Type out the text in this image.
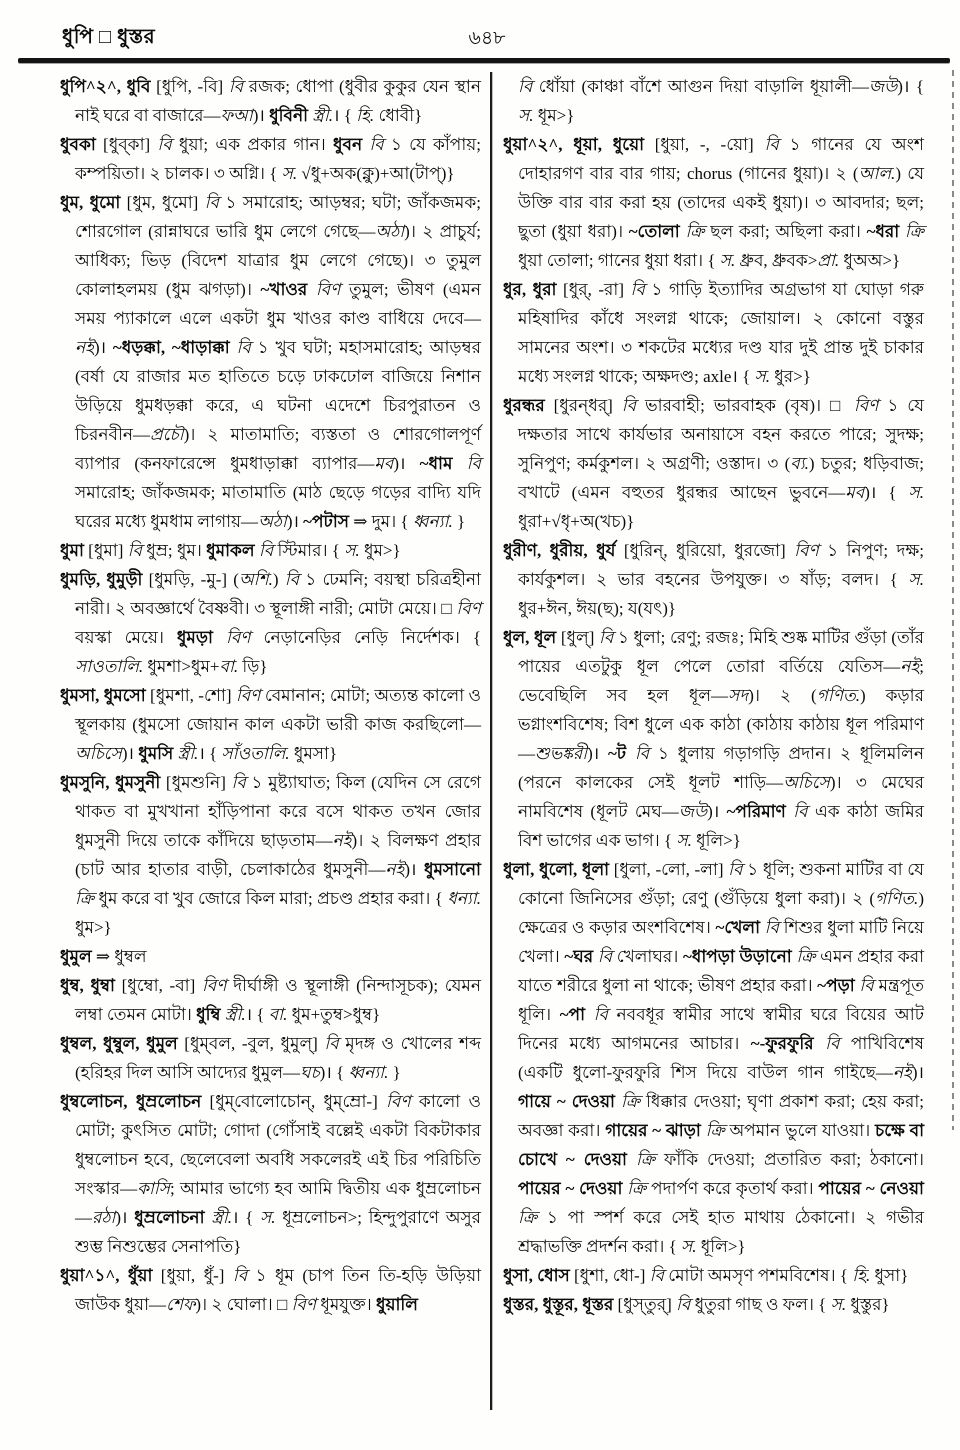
ধুপি □ ধুস্তর	৬৪৮

ধুপি^২^, ধুবি [ধুপি, -বি] বি রজক; ধোপা (ধুবীর কুকুর যেন স্থান নাই ঘরে বা বাজারে—ফআ)। ধুবিনী স্ত্রী.। { হি. ধোবী}

ধুবকা [ধুব্‌কা] বি ধুয়া; এক প্রকার গান। ধুবন বি ১ যে কাঁপায়; কম্পয়িতা। ২ চালক। ৩ অগ্নি। { স. √ধু+অক(ক্নু)+আ(টাপ্‌)}

ধুম, ধুমো [ধুম, ধুমো] বি ১ সমারোহ; আড়ম্বর; ঘটা; জাঁকজমক; শোরগোল (রান্নাঘরে ভারি ধুম লেগে গেছে—অঠা)। ২ প্রাচুর্য; আধিক্য; ভিড় (বিদেশ যাত্রার ধুম লেগে গেছে)। ৩ তুমুল কোলাহলময় (ধুম ঝগড়া)। ~খাওর বিণ তুমুল; ভীষণ (এমন সময় প্যাকালে এলে একটা ধুম খাওর কাণ্ড বাধিয়ে দেবে—নই)। ~ধড়ক্কা, ~ধাড়াক্কা বি ১ খুব ঘটা; মহাসমারোহ; আড়ম্বর (বর্ষা যে রাজার মত হাতিতে চড়ে ঢাকঢোল বাজিয়ে নিশান উড়িয়ে ধুমধড়ক্কা করে, এ ঘটনা এদেশে চিরপুরাতন ও চিরনবীন—প্রচৌ)। ২ মাতামাতি; ব্যস্ততা ও শোরগোলপূর্ণ ব্যাপার (কনফারেন্সে ধুমধাড়াক্কা ব্যাপার—মব)। ~ধাম বি সমারোহ; জাঁকজমক; মাতামাতি (মাঠ ছেড়ে গড়ের বাদ্যি যদি ঘরের মধ্যে ধুমধাম লাগায়—অঠা)। ~পটাস ⇒ দুম। { ধ্বন্যা. }

ধুমা [ধুমা] বি ধুম্র; ধুম। ধুমাকল বি স্টিমার। { স. ধুম>}

ধুমড়ি, ধুমুড়ী [ধুমড়ি, -মু-] (অশি.) বি ১ ঢেমনি; বয়স্থা চরিত্রহীনা নারী। ২ অবজ্ঞার্থে বৈষ্ণবী। ৩ স্থূলাঙ্গী নারী; মোটা মেয়ে। □ বিণ বয়স্কা মেয়ে। ধুমড়া বিণ নেড়ানেড়ির নেড়ি নির্দেশক। { সাওতালি. ধুমশা>ধুম+বা. ড়ি}

ধুমসা, ধুমসো [ধুমশা, -শো] বিণ বেমানান; মোটা; অত্যন্ত কালো ও স্থূলকায় (ধুমসো জোয়ান কাল একটা ভারী কাজ করছিলো—অচিসে)। ধুমসি স্ত্রী.। { সাঁওতালি. ধুমসা}

ধুমসুনি, ধুমসুনী [ধুমশুনি] বি ১ মুষ্ট্যাঘাত; কিল (যেদিন সে রেগে থাকত বা মুখখানা হাঁড়িপানা করে বসে থাকত তখন জোর ধুমসুনী দিয়ে তাকে কাঁদিয়ে ছাড়তাম—নই)। ২ বিলক্ষণ প্রহার (চাট আর হাতার বাড়ী, চেলাকাঠের ধুমসুনী—নই)। ধুমসানো ক্রি ধুম করে বা খুব জোরে কিল মারা; প্রচণ্ড প্রহার করা। { ধন্যা. ধুম>}

ধুমুল ⇒ ধুম্বল

ধুম্ব, ধুম্বা [ধুম্বো, -বা] বিণ দীর্ঘাঙ্গী ও স্থূলাঙ্গী (নিন্দাসূচক); যেমন লম্বা তেমন মোটা। ধুম্বি স্ত্রী.। { বা. ধুম+তুম্ব>ধুম্ব}

ধুম্বল, ধুম্বুল, ধুমুল [ধুম্‌বল, -বুল, ধুমুল্‌] বি মৃদঙ্গ ও খোলের শব্দ (হরিহর দিল আসি আদ্যের ধুমুল—ঘচ)। { ধ্বন্যা. }

ধুম্বলোচন, ধুম্রলোচন [ধুম্‌বোলোচোন্‌, ধুম্‌ম্রো-] বিণ কালো ও মোটা; কুৎসিত মোটা; গোদা (গোঁসাই বল্লেই একটা বিকটাকার ধুম্বলোচন হবে, ছেলেবেলা অবধি সকলেরই এই চির পরিচিতি সংস্কার—কাসি; আমার ভাগ্যে হব আমি দ্বিতীয় এক ধুম্রলোচন—রঠা)। ধুম্রলোচনা স্ত্রী.। { স. ধূম্রলোচন>; হিন্দুপুরাণে অসুর শুম্ভ নিশুম্ভের সেনাপতি}

ধুয়া^১^, ধুঁয়া [ধুয়া, ধুঁ-] বি ১ ধূম (চাপ তিন তি-হড়ি উড়িয়া জাউক ধুয়া—শেফ)। ২ ঘোলা। □ বিণ ধূমযুক্ত। ধুয়ালি

বি ধোঁয়া (কাঞ্চা বাঁশে আগুন দিয়া বাড়ালি ধূয়ালী—জউ)। { স. ধূম>}

ধুয়া^২^, ধূয়া, ধুয়ো [ধুয়া, -, -য়ো] বি ১ গানের যে অংশ দোহারগণ বার বার গায়; chorus (গানের ধুয়া)। ২ (আল.) যে উক্তি বার বার করা হয় (তাদের একই ধুয়া)। ৩ আবদার; ছল; ছুতা (ধুয়া ধরা)। ~তোলা ক্রি ছল করা; অছিলা করা। ~ধরা ক্রি ধুয়া তোলা; গানের ধুয়া ধরা। { স. ধ্রুব, ধ্রুবক>প্রা. ধুঅঅ>}

ধুর, ধুরা [ধুর্‌, -রা] বি ১ গাড়ি ইত্যাদির অগ্রভাগ যা ঘোড়া গরু মহিষাদির কাঁধে সংলগ্ন থাকে; জোয়াল। ২ কোনো বস্তুর সামনের অংশ। ৩ শকটের মধ্যের দণ্ড যার দুই প্রান্ত দুই চাকার মধ্যে সংলগ্ন থাকে; অক্ষদণ্ড; axle। { স. ধুর>}

ধুরন্ধর [ধুরন্‌ধর্‌] বি ভারবাহী; ভারবাহক (বৃষ)। □ বিণ ১ যে দক্ষতার সাথে কার্যভার অনায়াসে বহন করতে পারে; সুদক্ষ; সুনিপুণ; কর্মকুশল। ২ অগ্রণী; ওস্তাদ। ৩ (ব্য.) চতুর; ধড়িবাজ; বখাটে (এমন বহুতর ধুরন্ধর আছেন ভুবনে—মব)। { স. ধুরা+√ধৃ+অ(খচ)}

ধুরীণ, ধুরীয়, ধুর্য [ধুরিন্‌, ধুরিয়ো, ধুরজো] বিণ ১ নিপুণ; দক্ষ; কার্যকুশল। ২ ভার বহনের উপযুক্ত। ৩ ষাঁড়; বলদ। { স. ধুর+ঈন, ঈয়(ছ); য(যৎ)}

ধুল, ধূল [ধুল্‌] বি ১ ধুলা; রেণু; রজঃ; মিহি শুষ্ক মাটির গুঁড়া (তাঁর পায়ের এতটুকু ধূল পেলে তোরা বর্তিয়ে যেতিস—নই; ভেবেছিলি সব হল ধূল—সদ)। ২ (গণিত.) কড়ার ভগ্নাংশবিশেষ; বিশ ধুলে এক কাঠা (কাঠায় কাঠায় ধূল পরিমাণ—শুভঙ্করী)। ~ট বি ১ ধুলায় গড়াগড়ি প্রদান। ২ ধূলিমলিন (পরনে কালকের সেই ধূলট শাড়ি—অচিসে)। ৩ মেঘের নামবিশেষ (ধূলট মেঘ—জউ)। ~পরিমাণ বি এক কাঠা জমির বিশ ভাগের এক ভাগ। { স. ধূলি>}

ধুলা, ধুলো, ধূলা [ধুলা, -লো, -লা] বি ১ ধূলি; শুকনা মাটির বা যে কোনো জিনিসের গুঁড়া; রেণু (গুঁড়িয়ে ধুলা করা)। ২ (গণিত.) ক্ষেত্রের ও কড়ার অংশবিশেষ। ~খেলা বি শিশুর ধুলা মাটি নিয়ে খেলা। ~ঘর বি খেলাঘর। ~ধাপড়া উড়ানো ক্রি এমন প্রহার করা যাতে শরীরে ধুলা না থাকে; ভীষণ প্রহার করা। ~পড়া বি মন্ত্রপূত ধূলি। ~পা বি নববধূর স্বামীর সাথে স্বামীর ঘরে বিয়ের আট দিনের মধ্যে আগমনের আচার। ~-ফুরফুরি বি পাখিবিশেষ (একটি ধুলো-ফুরফুরি শিস দিয়ে বাউল গান গাইছে—নই)। গায়ে ~ দেওয়া ক্রি ধিক্কার দেওয়া; ঘৃণা প্রকাশ করা; হেয় করা; অবজ্ঞা করা। গায়ের ~ ঝাড়া ক্রি অপমান ভুলে যাওয়া। চক্ষে বা চোখে ~ দেওয়া ক্রি ফাঁকি দেওয়া; প্রতারিত করা; ঠকানো। পায়ের ~ দেওয়া ক্রি পদার্পণ করে কৃতার্থ করা। পায়ের ~ নেওয়া ক্রি ১ পা স্পর্শ করে সেই হাত মাথায় ঠেকানো। ২ গভীর শ্রদ্ধাভক্তি প্রদর্শন করা। { স. ধূলি>}

ধুসা, ধোস [ধুশা, ধো-] বি মোটা অমসৃণ পশমবিশেষ। { হি. ধুসা}

ধুস্তর, ধুস্তূর, ধূস্তর [ধুস্‌তুর্‌] বি ধুতুরা গাছ ও ফল। { স. ধুস্তুর}
